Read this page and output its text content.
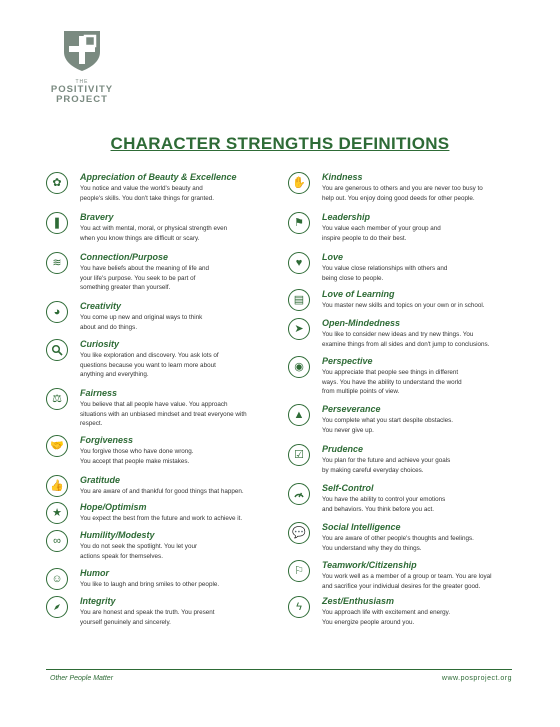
THE
POSITIVITY
PROJECT
CHARACTER STRENGTHS DEFINITIONS
✿	Appreciation of Beauty & Excellence
You notice and value the world's beauty and
people's skills. You don't take things for granted.
❚	Bravery
You act with mental, moral, or physical strength even
when you know things are difficult or scary.
≋	Connection/Purpose
You have beliefs about the meaning of life and
your life's purpose. You seek to be part of
something greater than yourself.
◕	Creativity
You come up new and original ways to think
about and do things.
Curiosity
You like exploration and discovery. You ask lots of
questions because you want to learn more about
anything and everything.
⚖	Fairness
You believe that all people have value. You approach
situations with an unbiased mindset and treat everyone with
respect.
🤝	Forgiveness
You forgive those who have done wrong.
You accept that people make mistakes.
👍	Gratitude
You are aware of and thankful for good things that happen.
★	Hope/Optimism
You expect the best from the future and work to achieve it.
∞	Humility/Modesty
You do not seek the spotlight. You let your
actions speak for themselves.
☺	Humor
You like to laugh and bring smiles to other people.
Integrity
You are honest and speak the truth. You present
yourself genuinely and sincerely.
✋	Kindness
You are generous to others and you are never too busy to
help out. You enjoy doing good deeds for other people.
⚑	Leadership
You value each member of your group and
inspire people to do their best.
♥	Love
You value close relationships with others and
being close to people.
▤	Love of Learning
You master new skills and topics on your own or in school.
➤	Open-Mindedness
You like to consider new ideas and try new things. You
examine things from all sides and don't jump to conclusions.
◉	Perspective
You appreciate that people see things in different
ways. You have the ability to understand the world
from multiple points of view.
▲	Perseverance
You complete what you start despite obstacles.
You never give up.
☑	Prudence
You plan for the future and achieve your goals
by making careful everyday choices.
Self-Control
You have the ability to control your emotions
and behaviors. You think before you act.
💬	Social Intelligence
You are aware of other people's thoughts and feelings.
You understand why they do things.
⚐	Teamwork/Citizenship
You work well as a member of a group or team. You are loyal
and sacrifice your individual desires for the greater good.
ϟ	Zest/Enthusiasm
You approach life with excitement and energy.
You energize people around you.
Other People Matter	www.posproject.org
